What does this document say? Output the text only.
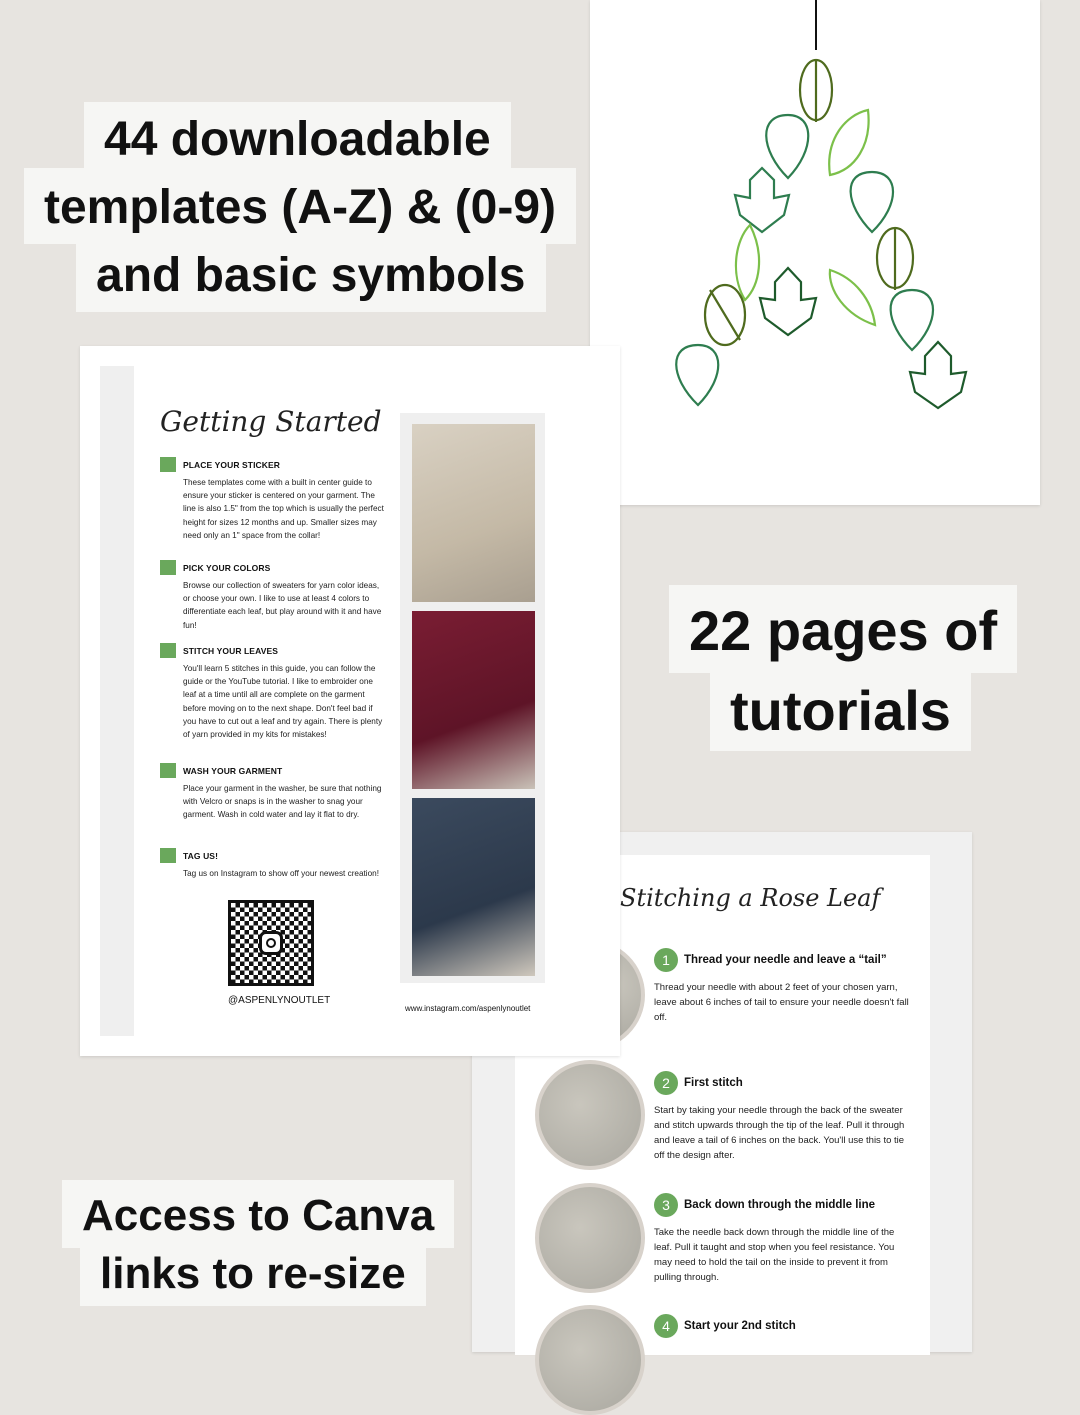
Getting Started
PLACE YOUR STICKER
These templates come with a built in center guide to ensure your sticker is centered on your garment. The line is also 1.5" from the top which is usually the perfect height for sizes 12 months and up. Smaller sizes may need only an 1" space from the collar!
PICK YOUR COLORS
Browse our collection of sweaters for yarn color ideas, or choose your own. I like to use at least 4 colors to differentiate each leaf, but play around with it and have fun!
STITCH YOUR LEAVES
You'll learn 5 stitches in this guide, you can follow the guide or the YouTube tutorial. I like to embroider one leaf at a time until all are complete on the garment before moving on to the next shape. Don't feel bad if you have to cut out a leaf and try again. There is plenty of yarn provided in my kits for mistakes!
WASH YOUR GARMENT
Place your garment in the washer, be sure that nothing with Velcro or snaps is in the washer to snag your garment. Wash in cold water and lay it flat to dry.
TAG US!
Tag us on Instagram to show off your newest creation!
@ASPENLYNOUTLET
www.instagram.com/aspenlynoutlet
Stitching a Rose Leaf
1	Thread your needle and leave a “tail”
Thread your needle with about 2 feet of your chosen yarn, leave about 6 inches of tail to ensure your needle doesn't fall off.
2	First stitch
Start by taking your needle through the back of the sweater and stitch upwards through the tip of the leaf. Pull it through and leave a tail of 6 inches on the back. You'll use this to tie off the design after.
3	Back down through the middle line
Take the needle back down through the middle line of the leaf. Pull it taught and stop when you feel resistance. You may need to hold the tail on the inside to prevent it from pulling through.
4	Start your 2nd stitch
44 downloadable
templates (A-Z) & (0-9)
and basic symbols
22 pages of
tutorials
Access to Canva
links to re-size
